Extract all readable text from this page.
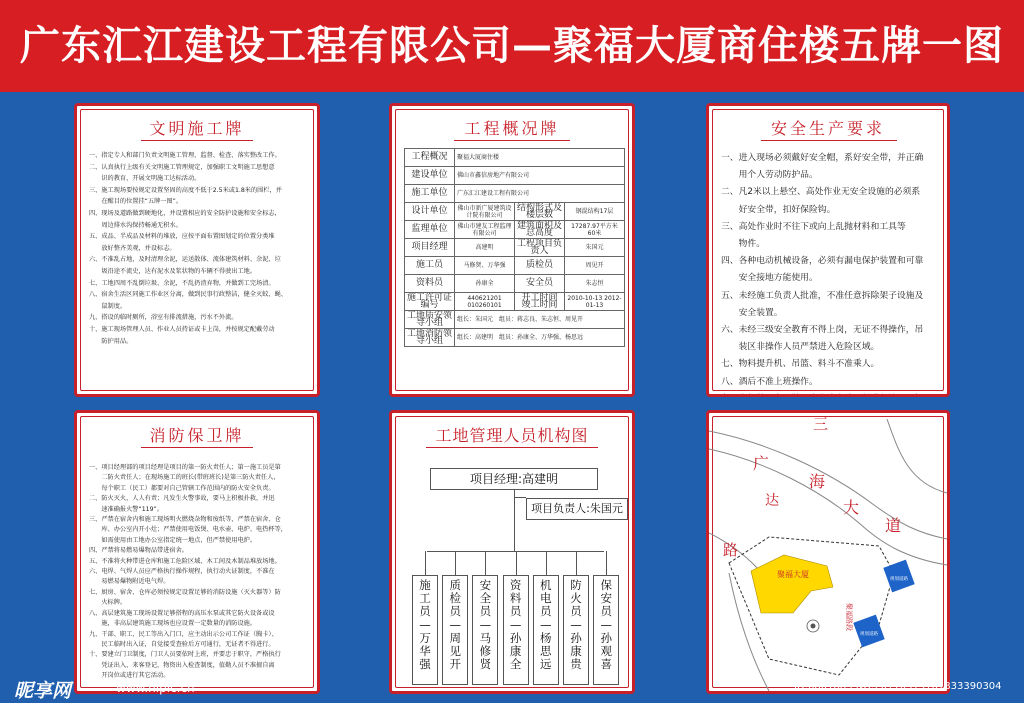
广东汇江建设工程有限公司—聚福大厦商住楼五牌一图
文明施工牌
一、指定专人和部门负责文明施工管理、监督、检查、落实整改工作。
二、认真执行上级有关文明施工管理规定，加强职工文明施工思想意
　　识的教育，开展文明施工达标活动。
三、施工现场要按规定设置坚固的高度不低于2.5米或1.8米的围栏，并
　　在醒目的位置挂“五牌一图”。
四、现场及道路做到硬地化，并设置相应的安全防护设施和安全标志，
　　周边排水沟保持畅通无积水。
五、成品、半成品及材料的堆放，应按平面布置图划定的位置分类堆
　　放好整齐美观，并设标志。
六、不准乱占地，及时清理余泥，运送散体、流体建筑材料、余泥、垃
　　圾沿途不流史，达有泥水及浆状物的车辆不得驶出工地。
七、工地四周不乱倒垃圾、余泥，不乱扔渣弃物，并做到工完场清。
八、宿舍生活区同施工作业区分离，做到民事行政整洁，健全灭蚊、蝇、
　　鼠制度。
九、搭设的临时厕所，浴室有排流措施，污水不外流。
十、施工现场管理人员、作业人员持证或卡上岗，并按规定配戴劳动
　　防护用品。
工程概况牌
工程概况	聚福大厦商住楼		
建设单位	佛山市鑫信房地产有限公司		
施工单位	广东汇江建设工程有限公司		
设计单位	佛山市新广厦建筑设计院有限公司	结构形式及楼层数	钢混结构17层
监理单位	佛山市建友工程监理有限公司	建筑面积及总高度	17287.97平方米 60米
项目经理	高建明	工程项目负责人	朱国元
施工员	马修贤、万华强	质检员	周见开
资料员	孙康全	安全员	朱志恒
施工许可证编号	440621201 010260101	开工时间 竣工时间	2010-10-13 2012-01-13
工地质安领导小组	组长：朱国元　组员：蒋志良、朱志恒、周见开		
工地消防领导小组	组长：高建明　组员：孙康全、万华强、杨思远		
安全生产要求
一、进入现场必须戴好安全帽，系好安全带，并正确
　　用个人劳动防护品。
二、凡2米以上悬空、高处作业无安全设施的必须系
　　好安全带，扣好保险钩。
三、高处作业时不往下或向上乱抛材料和工具等
　　物件。
四、各种电动机械设备，必须有漏电保护装置和可靠
　　安全接地方能使用。
五、未经施工负责人批准，不准任意拆除架子设施及
　　安全装置。
六、未经三级安全教育不得上岗，无证不得操作，吊
　　装区非操作人员严禁进入危险区域。
七、物料提升机、吊篮、料斗不准乘人。
八、酒后不准上班操作。
消防保卫牌
一、项目经理部的项目经理是项目的第一防火责任人；第一施工员是第
　　二防火责任人；在现场施工的班长(带班班长)是第三防火责任人，
　　每个职工（民工）都要对自己管辖工作范围内的防火安全负责。
二、防火灭火，人人有责；凡发生火警事故，要马上积极扑救，并迅
　　速准确报火警“119”。
三、严禁在宿舍内和施工现场明火燃烧杂物和废纸等，严禁在宿舍、仓
　　库、办公室内开小灶；严禁使用电饭煲、电水壶、电炉、电热杯等，
　　如需使用由工地办公室指定统一地点，但严禁使用电炉。
四、严禁将易燃易爆物品带进宿舍。
五、不准将火种带进仓库和施工危险区域、木工间及木制品堆放场地。
六、电焊、气焊人员应严格执行操作规程，执行动火证制度，不准在
　　易燃易爆物附近电气焊。
七、厨房、宿舍、仓库必须按规定设置足够的消防设施（灭火器等）防
　　火标牌。
八、高层建筑施工现场设置足够搭程的高压水泵或其它防火设备或设
　　施，非高层建筑施工现场也应设置一定数量的消防设施。
九、干部、职工、民工等出入门口，应主动出示公司工作证（胸卡）、
　　民工临时出入证，自觉接受查验后方可通行，无证者不得进行。
十、要建立门卫制度，门卫人员要依时上班，并要忠于职守，严格执行
　　凭证出入，来客登记，物资出入检查制度，值勤人员不准擅自离
　　开岗位或进行其它活动。
工地管理人员机构图
项目经理:高建明
项目负责人:朱国元
施
工
员
—
万
华
强
质
检
员
—
周
见
开
安
全
员
—
马
修
贤
资
料
员
—
孙
康
全
机
电
员
—
杨
思
远
防
火
员
—
孙
康
贵
保
安
员
—
孙
观
喜
三
广
海
达	大
道
路
聚福大厦
规划道路
规划道路
聚福路段
昵享网	www.nipic.cn	ID:6801883 NO:20110315161833390304
